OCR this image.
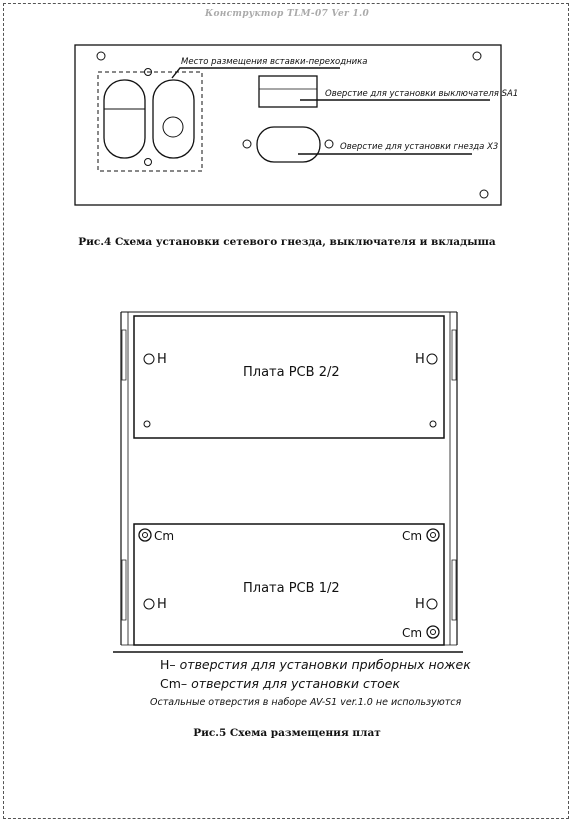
Конструктор TLM-07 Ver 1.0
Место размещения вставки-переходника
Оверстие для установки выключателя SA1
Оверстие для установки гнезда X3
Рис.4 Схема установки сетевого гнезда, выключателя и вкладыша
H	H
Плата PCB 2/2
Cm	Cm
Cm
H	H
Плата PCB 1/2
H– отверстия для установки приборных ножек
Cm– отверстия для установки стоек
Остальные отверстия в наборе AV-S1 ver.1.0 не используются
Рис.5 Схема размещения плат
